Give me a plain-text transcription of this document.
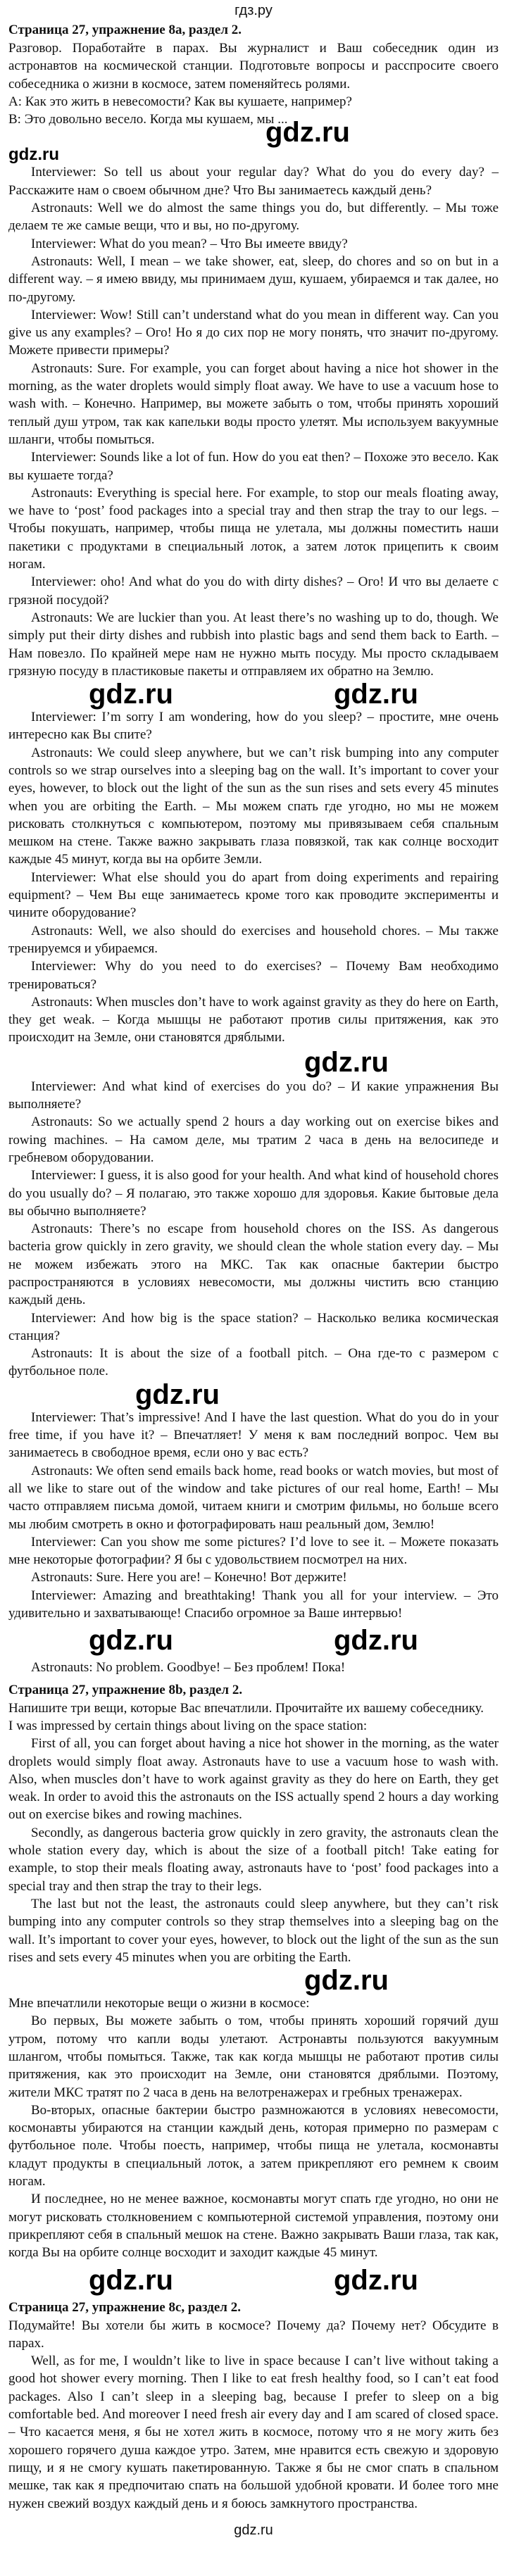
гдз.ру
Страница 27, упражнение 8а, раздел 2.

Разговор. Поработайте в парах. Вы журналист и Ваш собеседник один из астронавтов на космической станции. Подготовьте вопросы и расспросите своего собеседника о жизни в космосе, затем поменяйтесь ролями.

А: Как это жить в невесомости? Как вы кушаете, например?

В: Это довольно весело. Когда мы кушаем, мы ...

gdz.ru
gdz.ru

Interviewer: So tell us about your regular day? What do you do every day? – Расскажите нам о своем обычном дне? Что Вы занимаетесь каждый день?

Astronauts: Well we do almost the same things you do, but differently. – Мы тоже делаем те же самые вещи, что и вы, но по-другому.

Interviewer: What do you mean? – Что Вы имеете ввиду?

Astronauts: Well, I mean – we take shower, eat, sleep, do chores and so on but in a different way. – я имею ввиду, мы принимаем душ, кушаем, убираемся и так далее, но по-другому.

Interviewer: Wow! Still can’t understand what do you mean in different way. Can you give us any examples? – Ого! Но я до сих пор не могу понять, что значит по-другому. Можете привести примеры?

Astronauts: Sure. For example, you can forget about having a nice hot shower in the morning, as the water droplets would simply float away. We have to use a vacuum hose to wash with. – Конечно. Например, вы можете забыть о том, чтобы принять хороший теплый душ утром, так как капельки воды просто улетят. Мы используем вакуумные шланги, чтобы помыться.

Interviewer: Sounds like a lot of fun. How do you eat then? – Похоже это весело. Как вы кушаете тогда?

Astronauts: Everything is special here. For example, to stop our meals floating away, we have to ‘post’ food packages into a special tray and then strap the tray to our legs. – Чтобы покушать, например, чтобы пища не улетала, мы должны поместить наши пакетики с продуктами в специальный лоток, а затем лоток прицепить к своим ногам.

Interviewer: oho! And what do you do with dirty dishes? – Ого! И что вы делаете с грязной посудой?

Astronauts: We are luckier than you. At least there’s no washing up to do, though. We simply put their dirty dishes and rubbish into plastic bags and send them back to Earth. – Нам повезло. По крайней мере нам не нужно мыть посуду. Мы просто складываем грязную посуду в пластиковые пакеты и отправляем их обратно на Землю.

gdz.ru	gdz.ru

Interviewer: I’m sorry I am wondering, how do you sleep? – простите, мне очень интересно как Вы спите?

Astronauts: We could sleep anywhere, but we can’t risk bumping into any computer controls so we strap ourselves into a sleeping bag on the wall. It’s important to cover your eyes, however, to block out the light of the sun as the sun rises and sets every 45 minutes when you are orbiting the Earth. – Мы можем спать где угодно, но мы не можем рисковать столкнуться с компьютером, поэтому мы привязываем себя спальным мешком на стене. Также важно закрывать глаза повязкой, так как солнце восходит каждые 45 минут, когда вы на орбите Земли.

Interviewer: What else should you do apart from doing experiments and repairing equipment? – Чем Вы еще занимаетесь кроме того как проводите эксперименты и чините оборудование?

Astronauts: Well, we also should do exercises and household chores. – Мы также тренируемся и убираемся.

Interviewer: Why do you need to do exercises? – Почему Вам необходимо тренироваться?

Astronauts: When muscles don’t have to work against gravity as they do here on Earth, they get weak. – Когда мышцы не работают против силы притяжения, как это происходит на Земле, они становятся дряблыми.

gdz.ru

Interviewer: And what kind of exercises do you do? – И какие упражнения Вы выполняете?

Astronauts: So we actually spend 2 hours a day working out on exercise bikes and rowing machines. – На самом деле, мы тратим 2 часа в день на велосипеде и гребневом оборудовании.

Interviewer: I guess, it is also good for your health. And what kind of household chores do you usually do? – Я полагаю, это также хорошо для здоровья. Какие бытовые дела вы обычно выполняете?

Astronauts: There’s no escape from household chores on the ISS. As dangerous bacteria grow quickly in zero gravity, we should clean the whole station every day. – Мы не можем избежать этого на МКС. Так как опасные бактерии быстро распространяются в условиях невесомости, мы должны чистить всю станцию каждый день.

Interviewer: And how big is the space station? – Насколько велика космическая станция?

Astronauts: It is about the size of a football pitch. – Она где-то с размером с футбольное поле.

gdz.ru

Interviewer: That’s impressive! And I have the last question. What do you do in your free time, if you have it? – Впечатляет! У меня к вам последний вопрос. Чем вы занимаетесь в свободное время, если оно у вас есть?

Astronauts: We often send emails back home, read books or watch movies, but most of all we like to stare out of the window and take pictures of our real home, Earth! – Мы часто отправляем письма домой, читаем книги и смотрим фильмы, но больше всего мы любим смотреть в окно и фотографировать наш реальный дом, Землю!

Interviewer: Can you show me some pictures? I’d love to see it. – Можете показать мне некоторые фотографии? Я бы с удовольствием посмотрел на них.

Astronauts: Sure. Here you are! – Конечно! Вот держите!

Interviewer: Amazing and breathtaking! Thank you all for your interview. – Это удивительно и захватывающе! Спасибо огромное за Ваше интервью!

gdz.ru	gdz.ru

Astronauts: No problem. Goodbye! – Без проблем! Пока!

Страница 27, упражнение 8b, раздел 2.

Напишите три вещи, которые Вас впечатлили. Прочитайте их вашему собеседнику.

I was impressed by certain things about living on the space station:

First of all, you can forget about having a nice hot shower in the morning, as the water droplets would simply float away. Astronauts have to use a vacuum hose to wash with. Also, when muscles don’t have to work against gravity as they do here on Earth, they get weak. In order to avoid this the astronauts on the ISS actually spend 2 hours a day working out on exercise bikes and rowing machines.

Secondly, as dangerous bacteria grow quickly in zero gravity, the astronauts clean the whole station every day, which is about the size of a football pitch! Take eating for example, to stop their meals floating away, astronauts have to ‘post’ food packages into a special tray and then strap the tray to their legs.

The last but not the least, the astronauts could sleep anywhere, but they can’t risk bumping into any computer controls so they strap themselves into a sleeping bag on the wall. It’s important to cover your eyes, however, to block out the light of the sun as the sun rises and sets every 45 minutes when you are orbiting the Earth.

gdz.ru

Мне впечатлили некоторые вещи о жизни в космосе:

Во первых, Вы можете забыть о том, чтобы принять хороший горячий душ утром, потому что капли воды улетают. Астронавты пользуются вакуумным шлангом, чтобы помыться. Также, так как когда мышцы не работают против силы притяжения, как это происходит на Земле, они становятся дряблыми. Поэтому, жители МКС тратят по 2 часа в день на велотренажерах и гребных тренажерах.

Во-вторых, опасные бактерии быстро размножаются в условиях невесомости, космонавты убираются на станции каждый день, которая примерно по размерам с футбольное поле. Чтобы поесть, например, чтобы пища не улетала, космонавты кладут продукты в специальный лоток, а затем прикрепляют его ремнем к своим ногам.

И последнее, но не менее важное, космонавты могут спать где угодно, но они не могут рисковать столкновением с компьютерной системой управления, поэтому они прикрепляют себя в спальный мешок на стене. Важно закрывать Ваши глаза, так как, когда Вы на орбите солнце восходит и заходит каждые 45 минут.

gdz.ru	gdz.ru
Страница 27, упражнение 8c, раздел 2.

Подумайте! Вы хотели бы жить в космосе? Почему да? Почему нет? Обсудите в парах.

Well, as for me, I wouldn’t like to live in space because I can’t live without taking a good hot shower every morning. Then I like to eat fresh healthy food, so I can’t eat food packages. Also I can’t sleep in a sleeping bag, because I prefer to sleep on a big comfortable bed. And moreover I need fresh air every day and I am scared of closed space. – Что касается меня, я бы не хотел жить в космосе, потому что я не могу жить без хорошего горячего душа каждое утро. Затем, мне нравится есть свежую и здоровую пищу, и я не смогу кушать пакетированную. Также я бы не смог спать в спальном мешке, так как я предпочитаю спать на большой удобной кровати. И более того мне нужен свежий воздух каждый день и я боюсь замкнутого пространства.

gdz.ru
